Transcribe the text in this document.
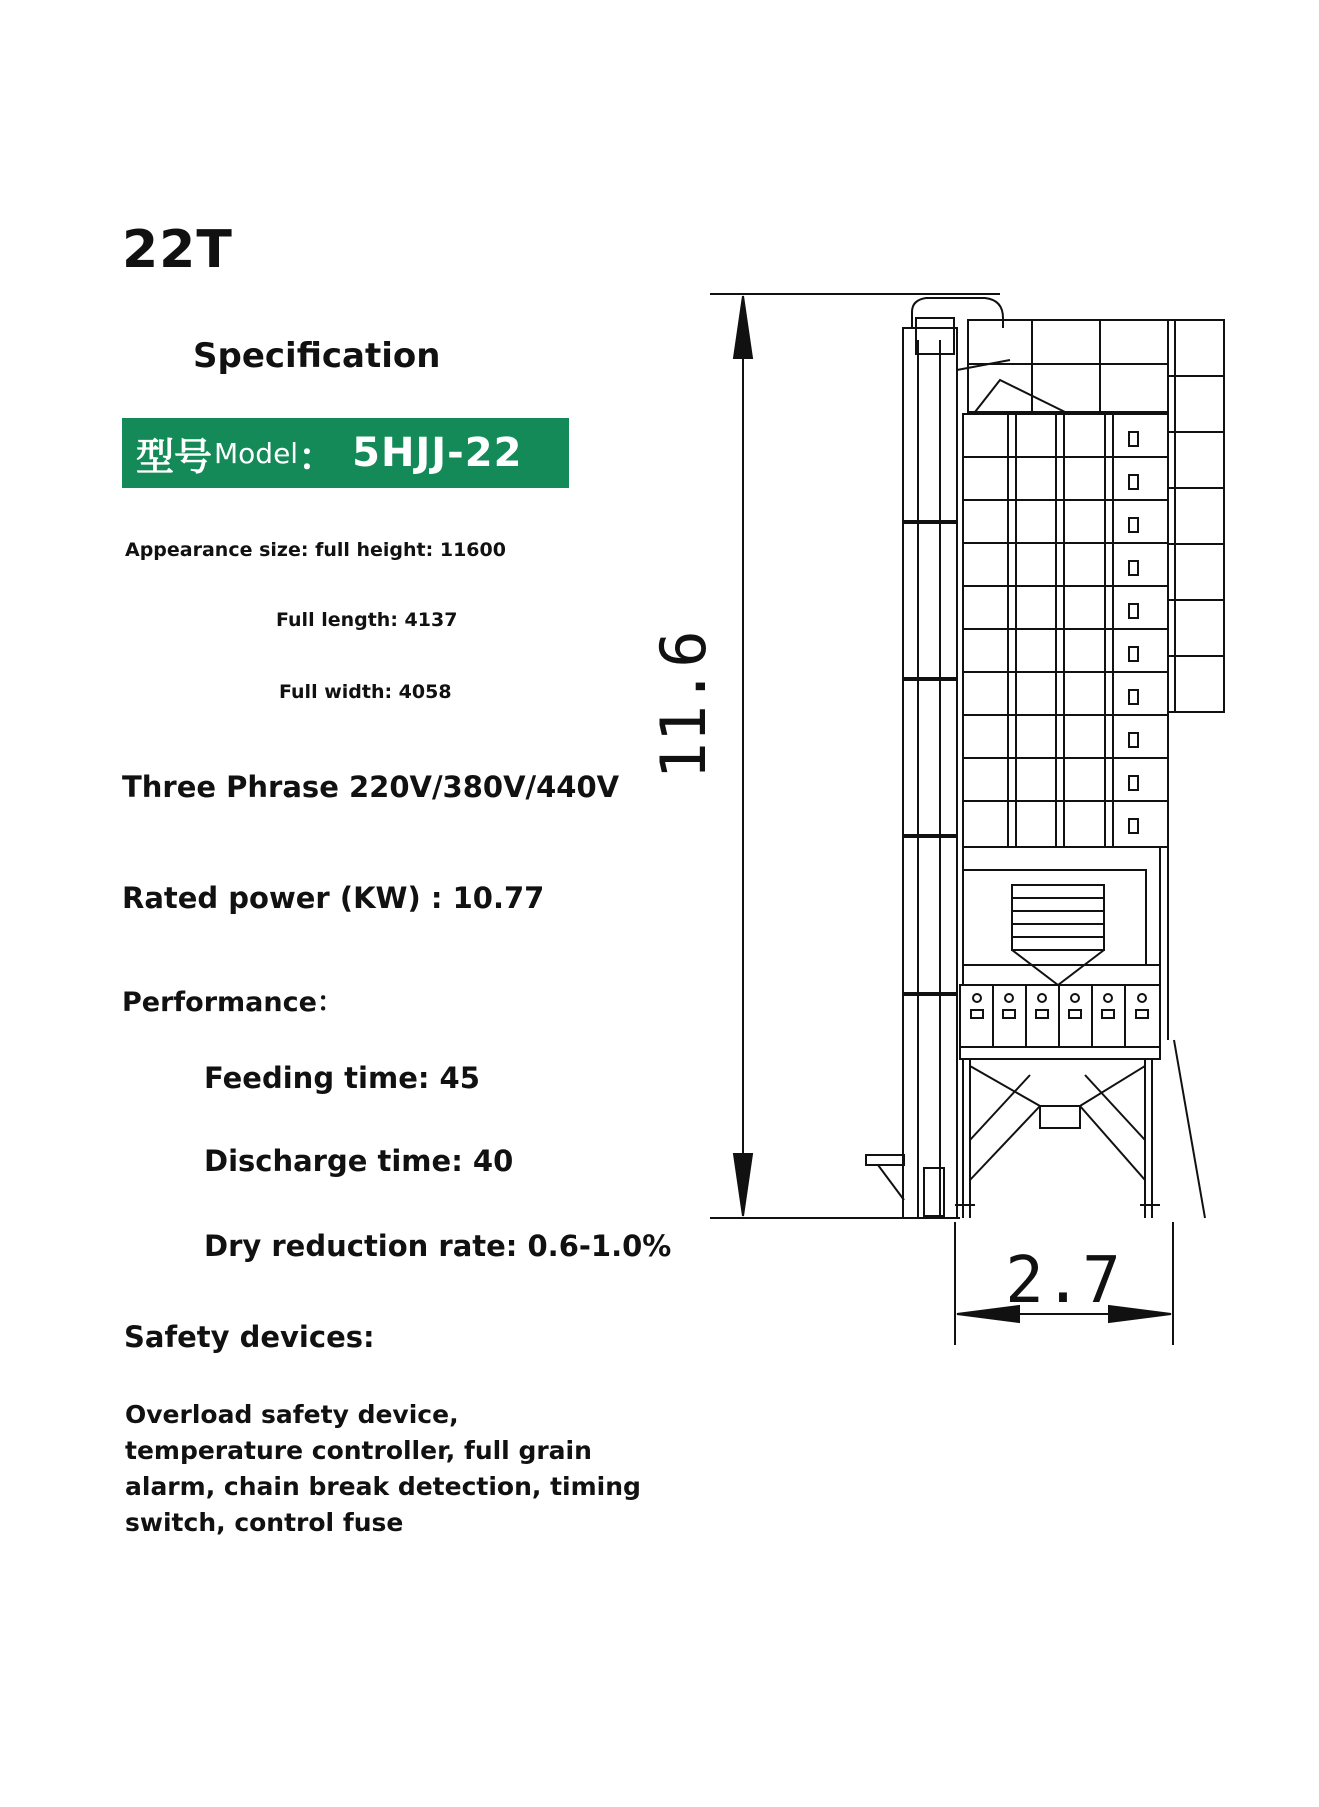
22T
Specification
型号 Model ： 5HJJ-22
Appearance size: full height: 11600
Full length: 4137
Full width: 4058
Three Phrase 220V/380V/440V
Rated power (KW) : 10.77
Performance：
Feeding time: 45
Discharge time: 40
Dry reduction rate: 0.6-1.0%
Safety devices:
Overload safety device, temperature controller, full grain alarm, chain break detection, timing switch, control fuse
11.6
2.7
